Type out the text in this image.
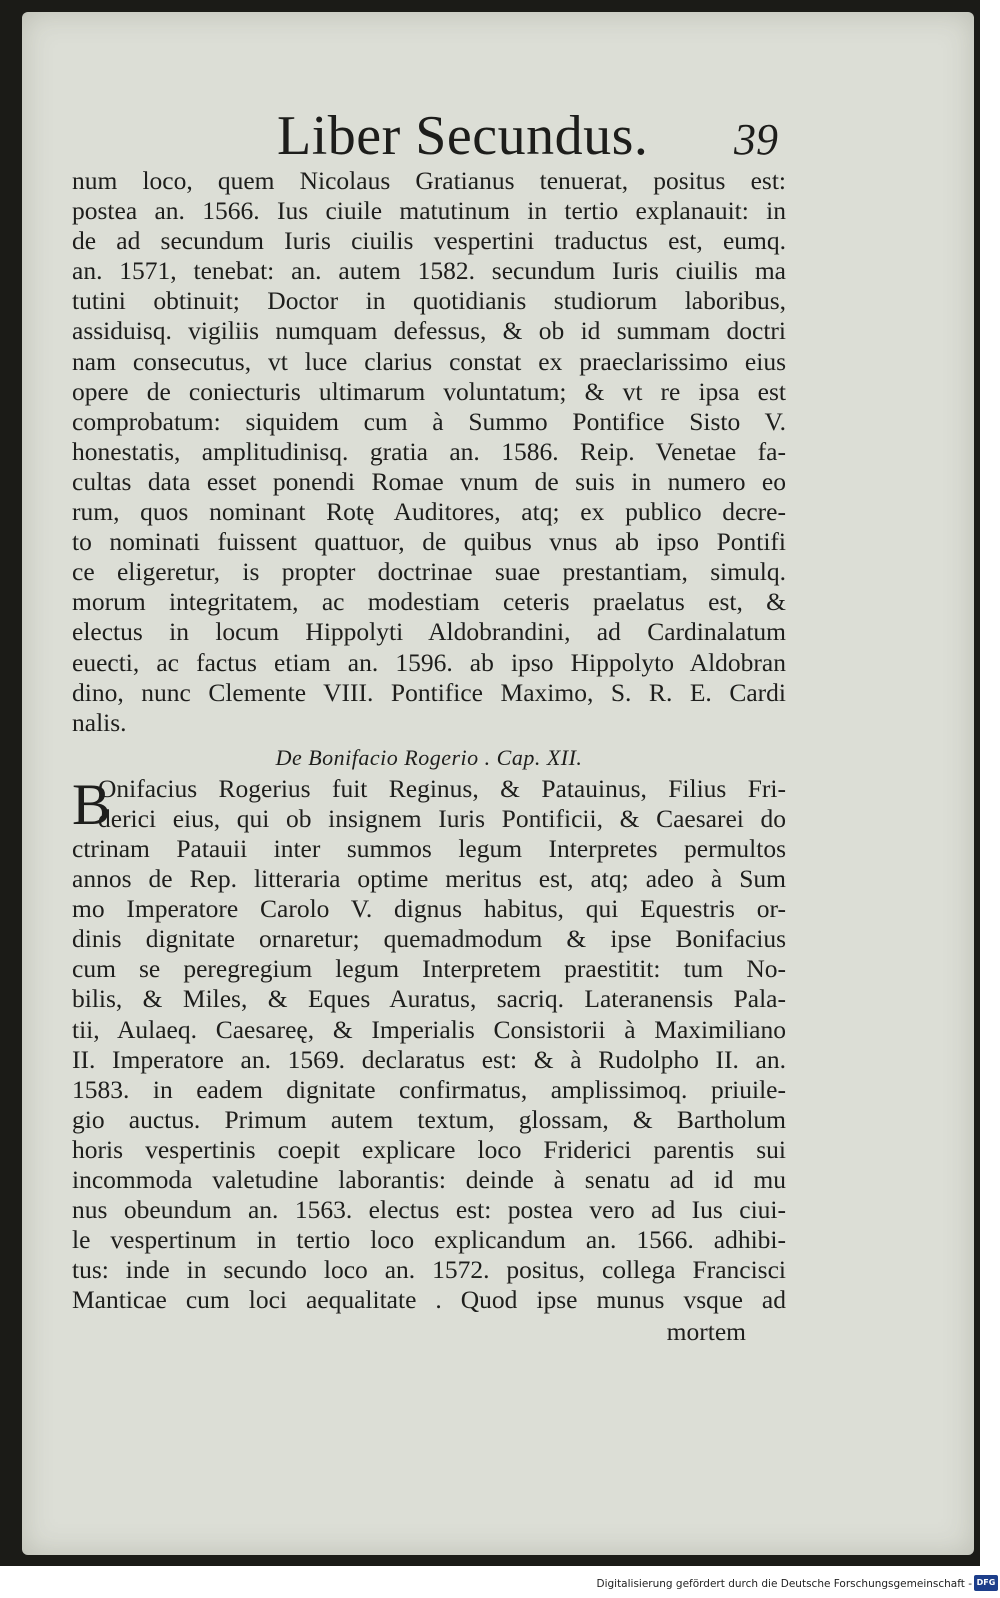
Liber Secundus. 39
num loco, quem Nicolaus Gratianus tenuerat, positus est:
postea an. 1566. Ius ciuile matutinum in tertio explanauit: in
de ad secundum Iuris ciuilis vespertini traductus est, eumq.
an. 1571, tenebat: an. autem 1582. secundum Iuris ciuilis ma
tutini obtinuit; Doctor in quotidianis studiorum laboribus,
assiduisq. vigiliis numquam defessus, & ob id summam doctri
nam consecutus, vt luce clarius constat ex praeclarissimo eius
opere de coniecturis ultimarum voluntatum; & vt re ipsa est
comprobatum: siquidem cum à Summo Pontifice Sisto V.
honestatis, amplitudinisq. gratia an. 1586. Reip. Venetae fa-
cultas data esset ponendi Romae vnum de suis in numero eo
rum, quos nominant Rotę Auditores, atq; ex publico decre-
to nominati fuissent quattuor, de quibus vnus ab ipso Pontifi
ce eligeretur, is propter doctrinae suae prestantiam, simulq.
morum integritatem, ac modestiam ceteris praelatus est, &
electus in locum Hippolyti Aldobrandini, ad Cardinalatum
euecti, ac factus etiam an. 1596. ab ipso Hippolyto Aldobran
dino, nunc Clemente VIII. Pontifice Maximo, S. R. E. Cardi
nalis.
De Bonifacio Rogerio . Cap. XII.
B
Onifacius Rogerius fuit Reginus, & Patauinus, Filius Fri-
derici eius, qui ob insignem Iuris Pontificii, & Caesarei do
ctrinam Patauii inter summos legum Interpretes permultos
annos de Rep. litteraria optime meritus est, atq; adeo à Sum
mo Imperatore Carolo V. dignus habitus, qui Equestris or-
dinis dignitate ornaretur; quemadmodum & ipse Bonifacius
cum se peregregium legum Interpretem praestitit: tum No-
bilis, & Miles, & Eques Auratus, sacriq. Lateranensis Pala-
tii, Aulaeq. Caesareę, & Imperialis Consistorii à Maximiliano
II. Imperatore an. 1569. declaratus est: & à Rudolpho II. an.
1583. in eadem dignitate confirmatus, amplissimoq. priuile-
gio auctus. Primum autem textum, glossam, & Bartholum
horis vespertinis coepit explicare loco Friderici parentis sui
incommoda valetudine laborantis: deinde à senatu ad id mu
nus obeundum an. 1563. electus est: postea vero ad Ius ciui-
le vespertinum in tertio loco explicandum an. 1566. adhibi-
tus: inde in secundo loco an. 1572. positus, collega Francisci
Manticae cum loci aequalitate . Quod ipse munus vsque ad
mortem
Digitalisierung gefördert durch die Deutsche Forschungsgemeinschaft - DFG
